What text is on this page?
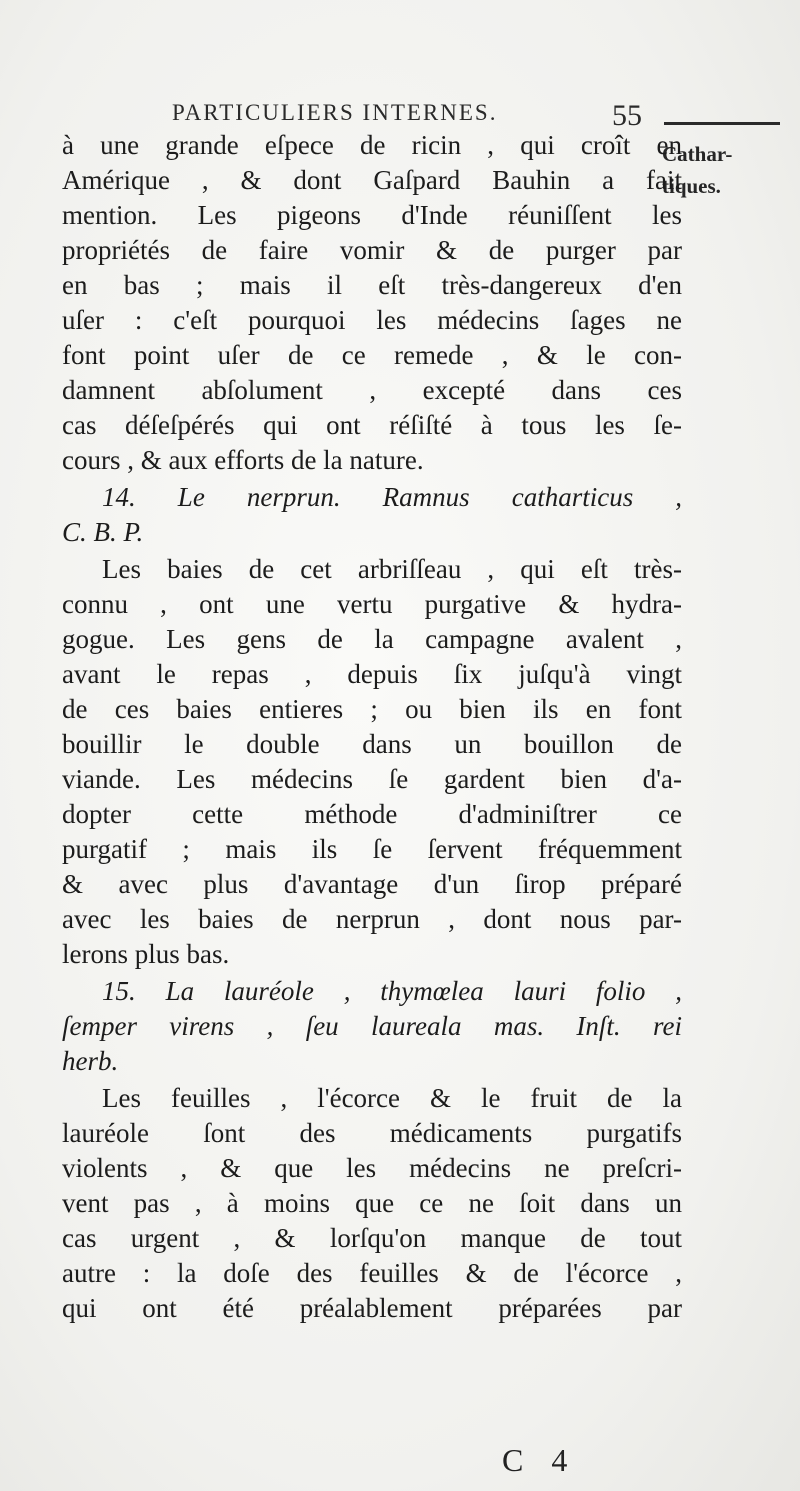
PARTICULIERS INTERNES.	55
Cathar-
tiques.
à une grande eſpece de ricin , qui croît en
Amérique , & dont Gaſpard Bauhin a fait
mention. Les pigeons d'Inde réuniſſent les
propriétés de faire vomir & de purger par
en bas ; mais il eſt très-dangereux d'en
uſer : c'eſt pourquoi les médecins ſages ne
font point uſer de ce remede , & le con-
damnent abſolument , excepté dans ces
cas déſeſpérés qui ont réſiſté à tous les ſe-
cours , & aux efforts de la nature.
14. Le nerprun. Ramnus catharticus ,
C. B. P.
Les baies de cet arbriſſeau , qui eſt très-
connu , ont une vertu purgative & hydra-
gogue. Les gens de la campagne avalent ,
avant le repas , depuis ſix juſqu'à vingt
de ces baies entieres ; ou bien ils en font
bouillir le double dans un bouillon de
viande. Les médecins ſe gardent bien d'a-
dopter cette méthode d'adminiſtrer ce
purgatif ; mais ils ſe ſervent fréquemment
& avec plus d'avantage d'un ſirop préparé
avec les baies de nerprun , dont nous par-
lerons plus bas.
15. La lauréole , thymœlea lauri folio ,
ſemper virens , ſeu laureala mas. Inſt. rei
herb.
Les feuilles , l'écorce & le fruit de la
lauréole ſont des médicaments purgatifs
violents , & que les médecins ne preſcri-
vent pas , à moins que ce ne ſoit dans un
cas urgent , & lorſqu'on manque de tout
autre : la doſe des feuilles & de l'écorce ,
qui ont été préalablement préparées par
C 4
